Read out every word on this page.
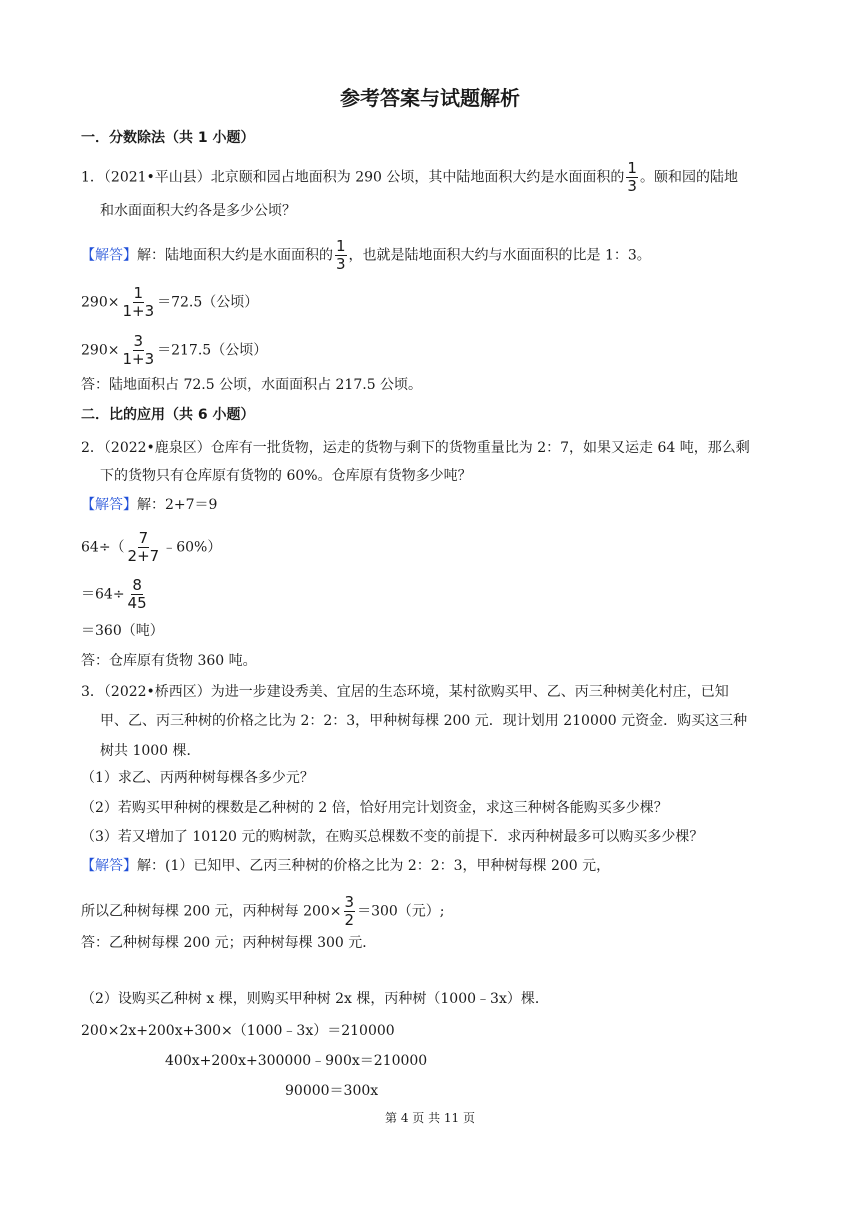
参考答案与试题解析
一．分数除法（共 1 小题）
1．（2021•平山县）北京颐和园占地面积为 290 公顷，其中陆地面积大约是水面面积的 $\frac{1}{3}$ 。颐和园的陆地
和水面面积大约各是多少公顷？
【解答】解：陆地面积大约是水面面积的 $\frac{1}{3}$ ，也就是陆地面积大约与水面面积的比是 1：3。
$290\times \frac{1}{1+3} =72.5$（公顷）
$290\times \frac{3}{1+3} =217.5$（公顷）
答：陆地面积占 72.5 公顷，水面面积占 217.5 公顷。
二．比的应用（共 6 小题）
2．（2022•鹿泉区）仓库有一批货物，运走的货物与剩下的货物重量比为 2：7，如果又运走 64 吨，那么剩
下的货物只有仓库原有货物的 60%。仓库原有货物多少吨？
【解答】解：2+7＝9
$64\div( \frac{7}{2+7}$ ﹣60%）
$=64\div \frac{8}{45}$
＝360（吨）
答：仓库原有货物 360 吨。
3．（2022•桥西区）为进一步建设秀美、宜居的生态环境，某村欲购买甲、乙、丙三种树美化村庄，已知
甲、乙、丙三种树的价格之比为 2：2：3，甲种树每棵 200 元．现计划用 210000 元资金．购买这三种
树共 1000 棵．
（1）求乙、丙两种树每棵各多少元？
（2）若购买甲种树的棵数是乙种树的 2 倍，恰好用完计划资金，求这三种树各能购买多少棵？
（3）若又增加了 10120 元的购树款，在购买总棵数不变的前提下．求丙种树最多可以购买多少棵？
【解答】解：(1）已知甲、乙丙三种树的价格之比为 2：2：3，甲种树每棵 200 元，
所以乙种树每棵 200 元，丙种树每 $200\times \frac{3}{2} =300$（元）;
答：乙种树每棵 200 元；丙种树每棵 300 元．
（2）设购买乙种树 x 棵，则购买甲种树 2x 棵，丙种树（1000﹣3x）棵．
200×2x+200x+300×（1000﹣3x）＝210000
400x+200x+300000﹣900x＝210000
90000＝300x
第 4 页 共 11 页
